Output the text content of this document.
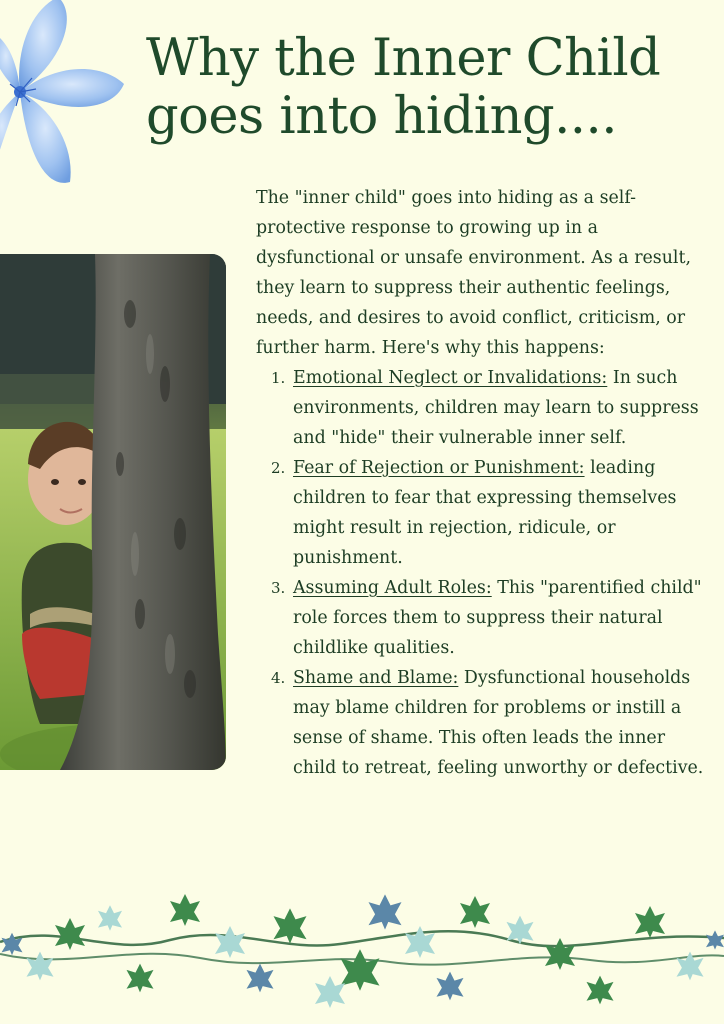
Why the Inner Child
goes into hiding....

The "inner child" goes into hiding as a self-protective response to growing up in a dysfunctional or unsafe environment. As a result, they learn to suppress their authentic feelings, needs, and desires to avoid conflict, criticism, or further harm. Here's why this happens:

1. Emotional Neglect or Invalidations: In such environments, children may learn to suppress and "hide" their vulnerable inner self.
2. Fear of Rejection or Punishment: leading children to fear that expressing themselves might result in rejection, ridicule, or punishment.
3. Assuming Adult Roles: This "parentified child" role forces them to suppress their natural childlike qualities.
4. Shame and Blame: Dysfunctional households may blame children for problems or instill a sense of shame. This often leads the inner child to retreat, feeling unworthy or defective.
